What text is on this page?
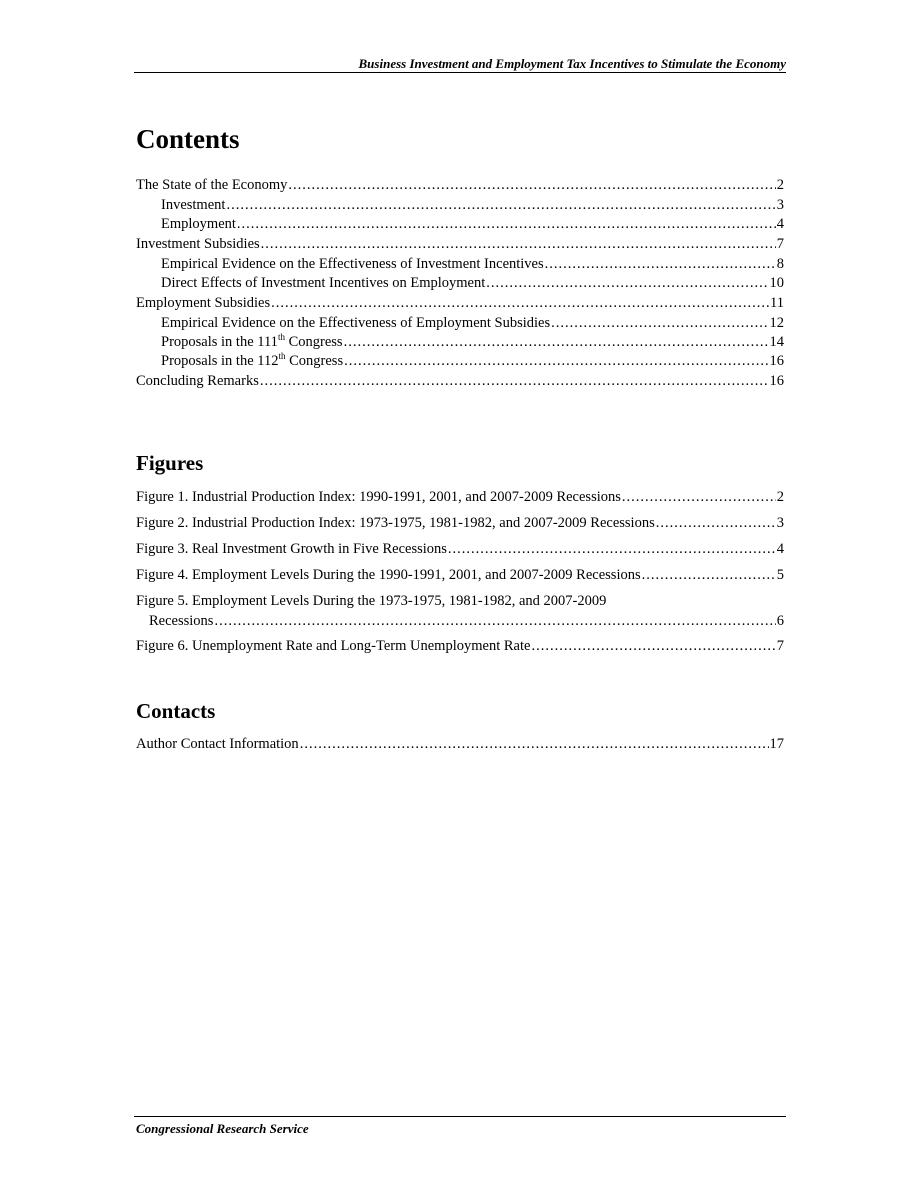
Business Investment and Employment Tax Incentives to Stimulate the Economy
Contents
The State of the Economy .....	2
Investment .....	3
Employment .....	4
Investment Subsidies .....	7
Empirical Evidence on the Effectiveness of Investment Incentives .....	8
Direct Effects of Investment Incentives on Employment .....	10
Employment Subsidies .....	11
Empirical Evidence on the Effectiveness of Employment Subsidies .....	12
Proposals in the 111th Congress .....	14
Proposals in the 112th Congress .....	16
Concluding Remarks .....	16
Figures
Figure 1. Industrial Production Index: 1990-1991, 2001, and 2007-2009 Recessions .....	2
Figure 2. Industrial Production Index: 1973-1975, 1981-1982, and 2007-2009 Recessions .....	3
Figure 3. Real Investment Growth in Five Recessions .....	4
Figure 4. Employment Levels During the 1990-1991, 2001, and 2007-2009 Recessions .....	5
Figure 5. Employment Levels During the 1973-1975, 1981-1982, and 2007-2009
Recessions .....	6
Figure 6. Unemployment Rate and Long-Term Unemployment Rate .....	7
Contacts
Author Contact Information .....	17
Congressional Research Service
